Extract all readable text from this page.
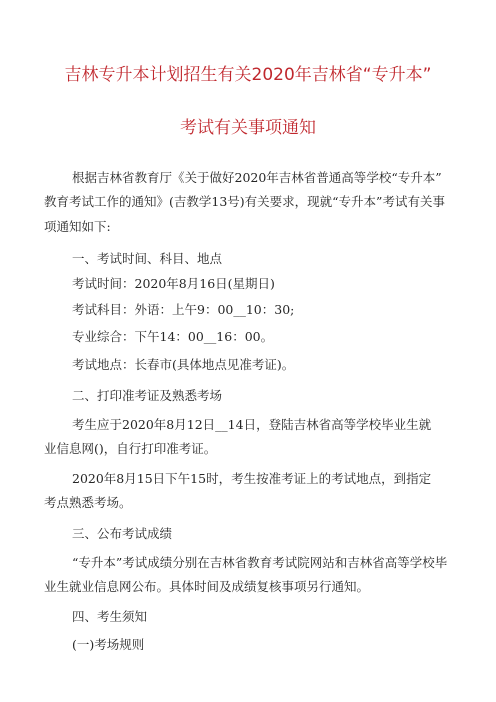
吉林专升本计划招生有关2020年吉林省“专升本”
考试有关事项通知
根据吉林省教育厅《关于做好2020年吉林省普通高等学校“专升本”
教育考试工作的通知》(吉教学13号)有关要求，现就“专升本”考试有关事
项通知如下:
一、考试时间、科目、地点
考试时间：2020年8月16日(星期日)
考试科目：外语：上午9：00__10：30;
专业综合：下午14：00__16：00。
考试地点：长春市(具体地点见准考证)。
二、打印准考证及熟悉考场
考生应于2020年8月12日__14日，登陆吉林省高等学校毕业生就
业信息网()，自行打印准考证。
2020年8月15日下午15时，考生按准考证上的考试地点，到指定
考点熟悉考场。
三、公布考试成绩
“专升本”考试成绩分别在吉林省教育考试院网站和吉林省高等学校毕
业生就业信息网公布。具体时间及成绩复核事项另行通知。
四、考生须知
(一)考场规则
